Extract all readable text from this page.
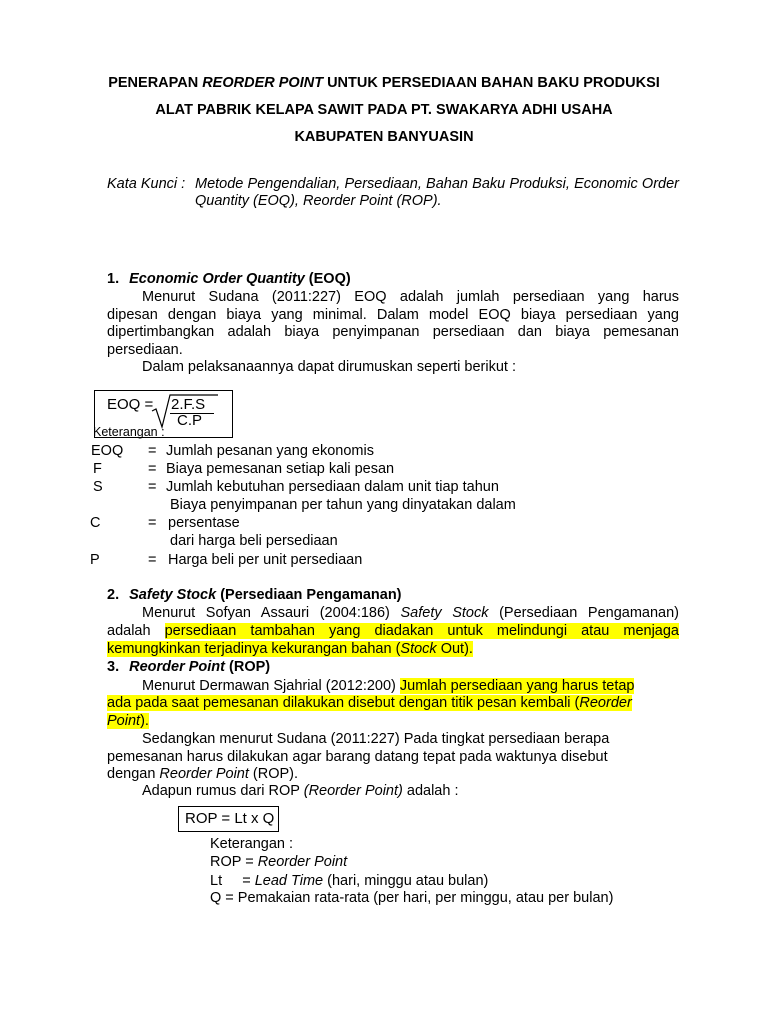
PENERAPAN REORDER POINT UNTUK PERSEDIAAN BAHAN BAKU PRODUKSI
ALAT PABRIK KELAPA SAWIT PADA PT. SWAKARYA ADHI USAHA
KABUPATEN BANYUASIN
Kata Kunci : Metode Pengendalian, Persediaan, Bahan Baku Produksi, Economic Order
Quantity (EOQ), Reorder Point (ROP).
1. Economic Order Quantity (EOQ)
Menurut Sudana (2011:227) EOQ adalah jumlah persediaan yang harus
dipesan dengan biaya yang minimal. Dalam model EOQ biaya persediaan yang
dipertimbangkan adalah biaya penyimpanan persediaan dan biaya pemesanan
persediaan.
Dalam pelaksanaannya dapat dirumuskan seperti berikut :
EOQ = 2.F.S
C.P
Keterangan :
EOQ = Jumlah pesanan yang ekonomis
F	= Biaya pemesanan setiap kali pesan
S	= Jumlah kebutuhan persediaan dalam unit tiap tahun
Biaya penyimpanan per tahun yang dinyatakan dalam
C	= persentase
dari harga beli persediaan
P	= Harga beli per unit persediaan
2. Safety Stock (Persediaan Pengamanan)
Menurut Sofyan Assauri (2004:186) Safety Stock (Persediaan Pengamanan)
adalah persediaan tambahan yang diadakan untuk melindungi atau menjaga
kemungkinkan terjadinya kekurangan bahan (Stock Out).
3. Reorder Point (ROP)
Menurut Dermawan Sjahrial (2012:200) Jumlah persediaan yang harus tetap
ada pada saat pemesanan dilakukan disebut dengan titik pesan kembali (Reorder
Point).
Sedangkan menurut Sudana (2011:227) Pada tingkat persediaan berapa
pemesanan harus dilakukan agar barang datang tepat pada waktunya disebut
dengan Reorder Point (ROP).
Adapun rumus dari ROP (Reorder Point) adalah :
ROP = Lt x Q
Keterangan :
ROP = Reorder Point
Lt     = Lead Time (hari, minggu atau bulan)
Q = Pemakaian rata-rata (per hari, per minggu, atau per bulan)
